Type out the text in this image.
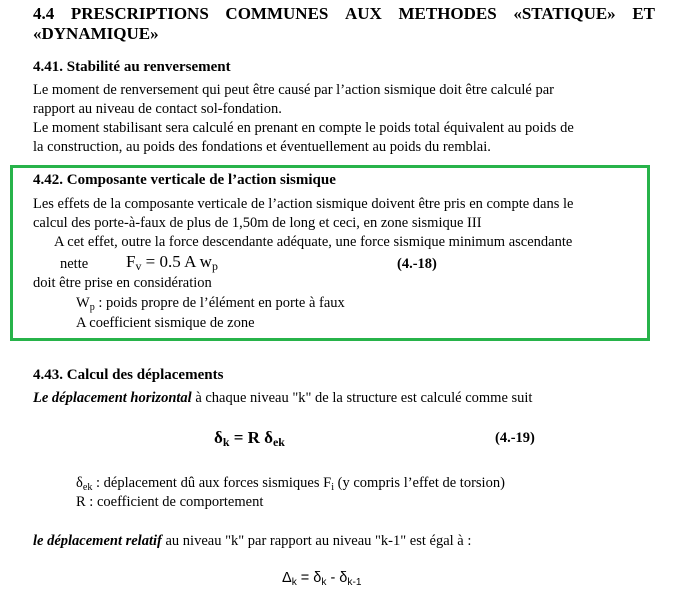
4.4 PRESCRIPTIONS COMMUNES AUX METHODES «STATIQUE» ET
«DYNAMIQUE»
4.41. Stabilité au renversement
Le moment de renversement qui peut être causé par l’action sismique doit être calculé par
rapport au niveau de contact sol-fondation.
Le moment stabilisant sera calculé en prenant en compte le poids total équivalent au poids de
la construction, au poids des fondations et éventuellement au poids du remblai.
4.42. Composante verticale de l’action sismique
Les effets de la composante verticale de l’action sismique doivent être pris en compte dans le
calcul des porte-à-faux de plus de 1,50m de long et ceci, en zone sismique III
A cet effet, outre la force descendante adéquate, une force sismique minimum ascendante
nette $F_v = 0.5$ A $w_p$	(4.-18)
doit être prise en considération
$W_p$ : poids propre de l’élément en porte à faux
A coefficient sismique de zone
4.43. Calcul des déplacements
Le déplacement horizontal à chaque niveau "k" de la structure est calculé comme suit
$\delta_k = R$ $\delta_{ek}$	(4.-19)
$\delta_{ek}$ : déplacement dû aux forces sismiques $F_i$ (y compris l’effet de torsion)
R : coefficient de comportement
le déplacement relatif au niveau "k" par rapport au niveau "k-1" est égal à :
$\Delta_k = \delta_k - \delta_{k-1}$
